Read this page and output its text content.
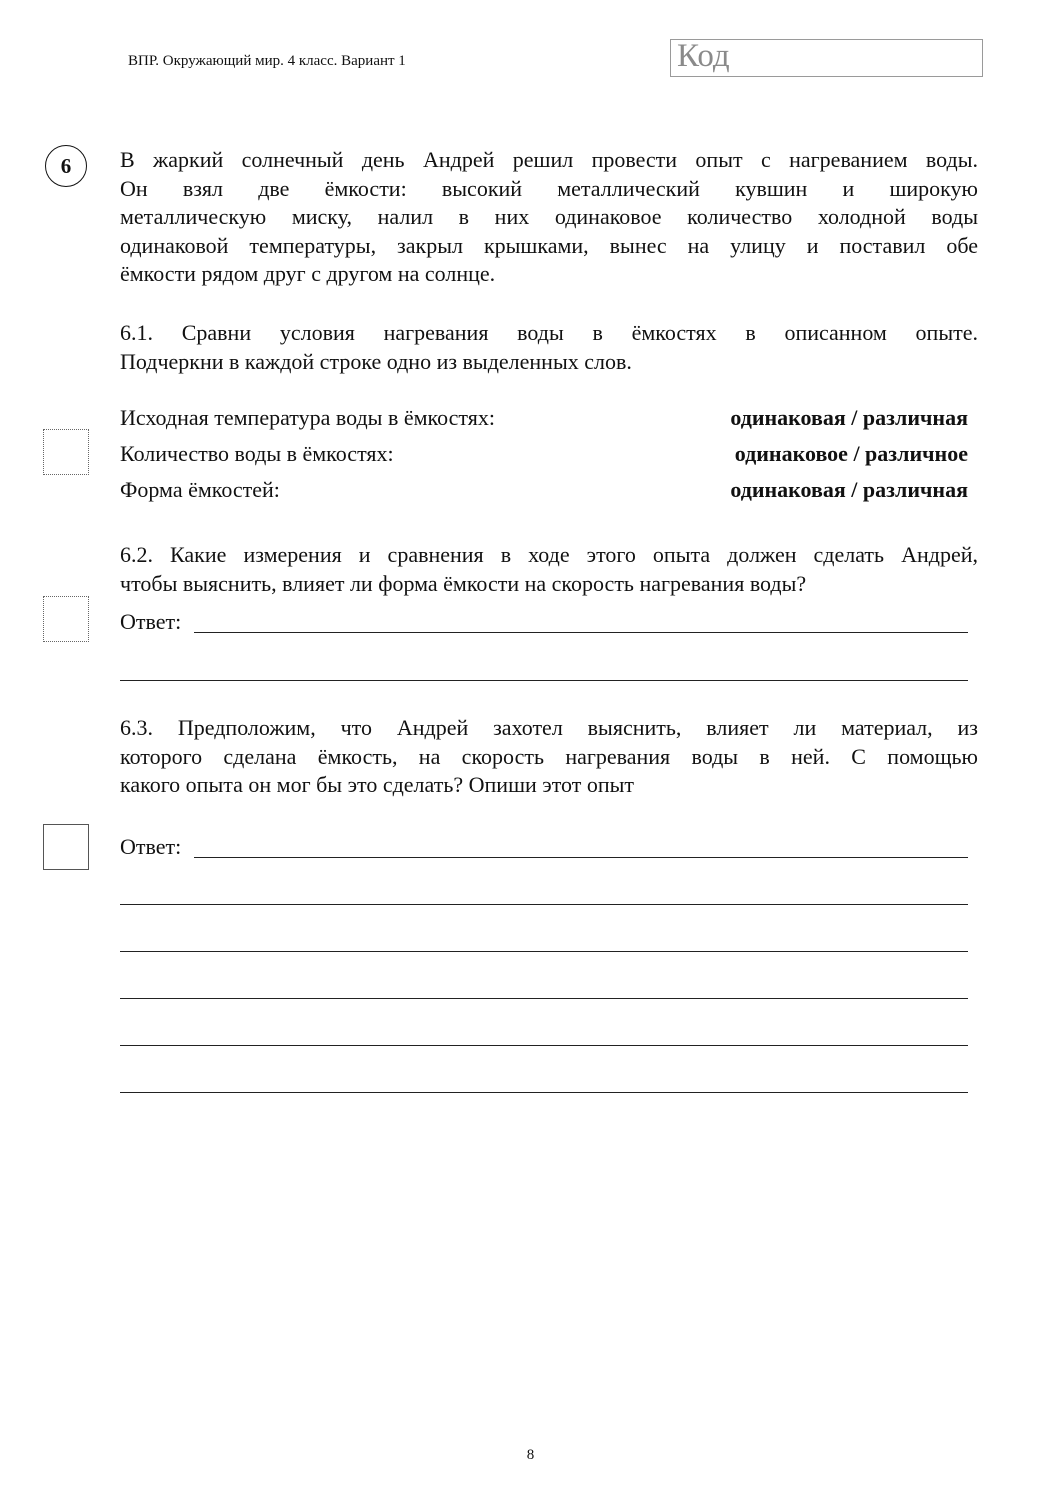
ВПР. Окружающий мир. 4 класс. Вариант 1	Код
6 В жаркий солнечный день Андрей решил провести опыт с нагреванием воды.
Он взял две ёмкости: высокий металлический кувшин и широкую
металлическую миску, налил в них одинаковое количество холодной воды
одинаковой температуры, закрыл крышками, вынес на улицу и поставил обе
ёмкости рядом друг с другом на солнце.
6.1. Сравни условия нагревания воды в ёмкостях в описанном опыте.
Подчеркни в каждой строке одно из выделенных слов.
Исходная температура воды в ёмкостях:	одинаковая / различная
Количество воды в ёмкостях:	одинаковое / различное
Форма ёмкостей:	одинаковая / различная
6.2. Какие измерения и сравнения в ходе этого опыта должен сделать Андрей,
чтобы выяснить, влияет ли форма ёмкости на скорость нагревания воды?
Ответ:
6.3. Предположим, что Андрей захотел выяснить, влияет ли материал, из
которого сделана ёмкость, на скорость нагревания воды в ней. С помощью
какого опыта он мог бы это сделать? Опиши этот опыт
Ответ:
8
